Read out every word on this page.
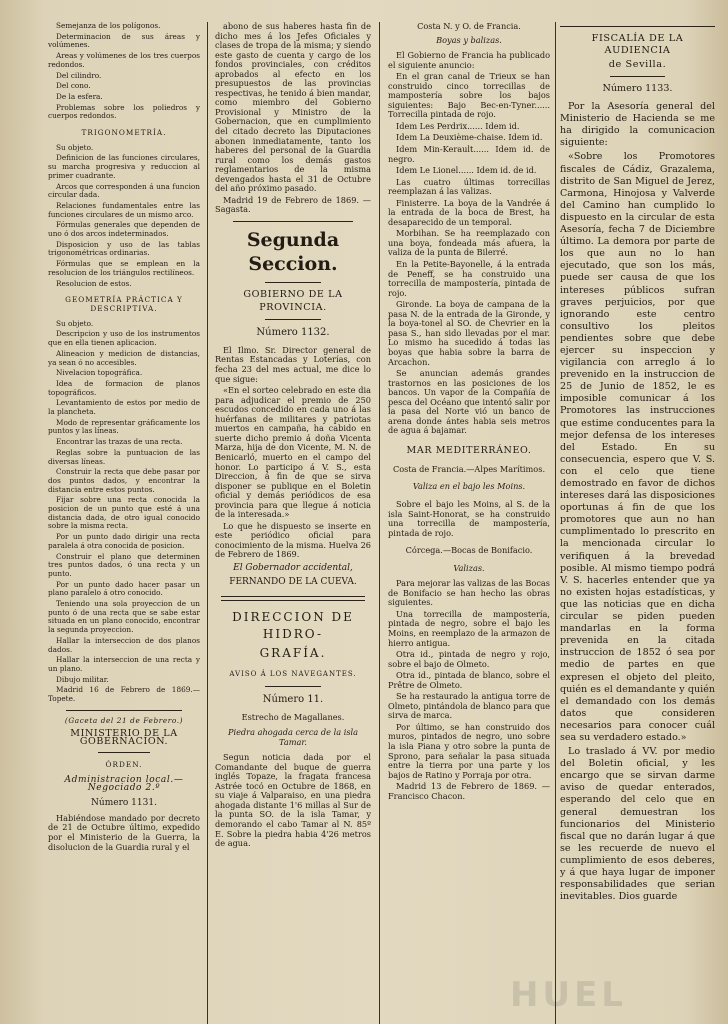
Semejanza de los polígonos.

Determinacion de sus áreas y volúmenes.

Areas y volúmenes de los tres cuerpos redondos.

Del cilindro.

Del cono.

De la esfera.

Problemas sobre los poliedros y cuerpos redondos.

TRIGONOMETRÍA.

Su objeto.

Definicion de las funciones circulares, su marcha progresiva y reduccion al primer cuadrante.

Arcos que corresponden á una funcion circular dada.

Relaciones fundamentales entre las funciones circulares de un mismo arco.

Fórmulas generales que dependen de uno ó dos arcos indeterminados.

Disposicion y uso de las tablas trigonométricas ordinarias.

Fórmulas que se emplean en la resolucion de los triángulos rectilíneos.

Resolucion de estos.

GEOMETRÍA PRÁCTICA Y DESCRIPTIVA.

Su objeto.

Descripcion y uso de los instrumentos que en ella tienen aplicacion.

Alineacion y medicion de distancias, ya sean ó no accesibles.

Nivelacion topográfica.

Idea de formacion de planos topográficos.

Levantamiento de estos por medio de la plancheta.

Modo de representar gráficamente los puntos y las líneas.

Encontrar las trazas de una recta.

Reglas sobre la puntuacion de las diversas líneas.

Construir la recta que debe pasar por dos puntos dados, y encontrar la distancia entre estos puntos.

Fijar sobre una recta conocida la posicion de un punto que esté á una distancia dada, de otro igual conocido sobre la misma recta.

Por un punto dado dirigir una recta paralela á otra conocida de posicion.

Construir el plano que determinen tres puntos dados, ó una recta y un punto.

Por un punto dado hacer pasar un plano paralelo á otro conocido.

Teniendo una sola proyeccion de un punto ó de una recta que se sabe estar situada en un plano conocido, encontrar la segunda proyeccion.

Hallar la interseccion de dos planos dados.

Hallar la interseccion de una recta y un plano.

Dibujo militar.

Madrid 16 de Febrero de 1869.— Topete.

(Gaceta del 21 de Febrero.)

MINISTERIO DE LA GOBERNACION.

ÓRDEN.

Administracion local.—Negociado 2.º

Número 1131.

Habiéndose mandado por decreto de 21 de Octubre último, expedido por el Ministerio de la Guerra, la disolucion de la Guardia rural y el

abono de sus haberes hasta fin de dicho mes á los Jefes Oficiales y clases de tropa de la misma; y siendo este gasto de cuenta y cargo de los fondos provinciales, con créditos aprobados al efecto en los presupuestos de las provincias respectivas, he tenido á bien mandar, como miembro del Gobierno Provisional y Ministro de la Gobernacion, que en cumplimiento del citado decreto las Diputaciones abonen inmediatamente, tanto los haberes del personal de la Guardia rural como los demás gastos reglamentarios de la misma devengados hasta el 31 de Octubre del año próximo pasado.

Madrid 19 de Febrero de 1869. —Sagasta.

Segunda Seccion.

GOBIERNO DE LA PROVINCIA.

Número 1132.

El Ilmo. Sr. Director general de Rentas Estancadas y Loterías, con fecha 23 del mes actual, me dice lo que sigue:

«En el sorteo celebrado en este dia para adjudicar el premio de 250 escudos concedido en cada uno á las huérfanas de militares y patriotas muertos en campaña, ha cabido en suerte dicho premio á doña Vicenta Marza, hija de don Vicente, M. N. de Benicarló, muerto en el campo del honor. Lo participo á V. S., esta Direccion, á fin de que se sirva disponer se publique en el Boletin oficial y demás periódicos de esa provincia para que llegue á noticia de la interesada.»

Lo que he dispuesto se inserte en este periódico oficial para conocimiento de la misma. Huelva 26 de Febrero de 1869.

El Gobernador accidental,

FERNANDO DE LA CUEVA.

DIRECCION DE HIDRO-

GRAFÍA.

AVISO Á LOS NAVEGANTES.

Número 11.

Estrecho de Magallanes.

Piedra ahogada cerca de la isla Tamar.

Segun noticia dada por el Comandante del buque de guerra inglés Topaze, la fragata francesa Astrée tocó en Octubre de 1868, en su viaje á Valparaiso, en una piedra ahogada distante 1'6 millas al Sur de la punta SO. de la isla Tamar, y demorando el cabo Tamar al N. 85º E. Sobre la piedra habia 4'26 metros de agua.

Costa N. y O. de Francia.

Boyas y balizas.

El Gobierno de Francia ha publicado el siguiente anuncio:

En el gran canal de Trieux se han construido cinco torrecillas de mampostería sobre los bajos siguientes: Bajo Bec-en-Tyner...... Torrecilla pintada de rojo.

Idem Les Perdrix...... Idem id.

Idem La Deuxième-chaise. Idem id.

Idem Min-Kerault...... Idem id. de negro.

Idem Le Lionel...... Idem id. de id.

Las cuatro últimas torrecillas reemplazan á las valizas.

Finisterre. La boya de la Vandrée á la entrada de la boca de Brest, ha desaparecido de un temporal.

Morbihan. Se ha reemplazado con una boya, fondeada más afuera, la valiza de la punta de Bilerré.

En la Petite-Bayonelle, á la entrada de Peneff, se ha construido una torrecilla de mampostería, pintada de rojo.

Gironde. La boya de campana de la pasa N. de la entrada de la Gironde, y la boya-tonel al SO. de Chevrier en la pasa S., han sido llevadas por el mar. Lo mismo ha sucedido á todas las boyas que habia sobre la barra de Arcachon.

Se anuncian además grandes trastornos en las posiciones de los bancos. Un vapor de la Compañía de pesca del Océano que intentó salir por la pasa del Norte vió un banco de arena donde ántes habia seis metros de agua á bajamar.

MAR MEDITERRÁNEO.

Costa de Francia.—Alpes Marítimos.

Valiza en el bajo les Moins.

Sobre el bajo les Moins, al S. de la isla Saint-Honorat, se ha construido una torrecilla de mampostería, pintada de rojo.

Córcega.—Bocas de Bonifacio.

Valizas.

Para mejorar las valizas de las Bocas de Bonifacio se han hecho las obras siguientes.

Una torrecilla de mampostería, pintada de negro, sobre el bajo les Moins, en reemplazo de la armazon de hierro antigua.

Otra id., pintada de negro y rojo, sobre el bajo de Olmeto.

Otra id., pintada de blanco, sobre el Prêtre de Olmeto.

Se ha restaurado la antigua torre de Olmeto, pintándola de blanco para que sirva de marca.

Por último, se han construido dos muros, pintados de negro, uno sobre la isla Piana y otro sobre la punta de Sprono, para señalar la pasa situada entre la tierra por una parte y los bajos de Ratino y Porraja por otra.

Madrid 13 de Febrero de 1869. —Francisco Chacon.

FISCALÍA DE LA AUDIENCIA

de Sevilla.

Número 1133.

Por la Asesoría general del Ministerio de Hacienda se me ha dirigido la comunicacion siguiente:

«Sobre los Promotores fiscales de Cádiz, Grazalema, distrito de San Miguel de Jerez, Carmona, Hinojosa y Valverde del Camino han cumplido lo dispuesto en la circular de esta Asesoría, fecha 7 de Diciembre último. La demora por parte de los que aun no lo han ejecutado, que son los más, puede ser causa de que los intereses públicos sufran graves perjuicios, por que ignorando este centro consultivo los pleitos pendientes sobre que debe ejercer su inspeccion y vigilancia con arreglo á lo prevenido en la instruccion de 25 de Junio de 1852, le es imposible comunicar á los Promotores las instrucciones que estime conducentes para la mejor defensa de los intereses del Estado. En su consecuencia, espero que V. S. con el celo que tiene demostrado en favor de dichos intereses dará las disposiciones oportunas á fin de que los promotores que aun no han cumplimentado lo prescrito en la mencionada circular lo verifiquen á la brevedad posible. Al mismo tiempo podrá V. S. hacerles entender que ya no existen hojas estadísticas, y que las noticias que en dicha circular se piden pueden mandarlas en la forma prevenida en la citada instruccion de 1852 ó sea por medio de partes en que expresen el objeto del pleito, quién es el demandante y quién el demandado con los demás datos que consideren necesarios para conocer cuál sea su verdadero estado.»

Lo traslado á VV. por medio del Boletin oficial, y les encargo que se sirvan darme aviso de quedar enterados, esperando del celo que en general demuestran los funcionarios del Ministerio fiscal que no darán lugar á que se les recuerde de nuevo el cumplimiento de esos deberes, y á que haya lugar de imponer responsabilidades que serian inevitables. Dios guarde

HUEL
